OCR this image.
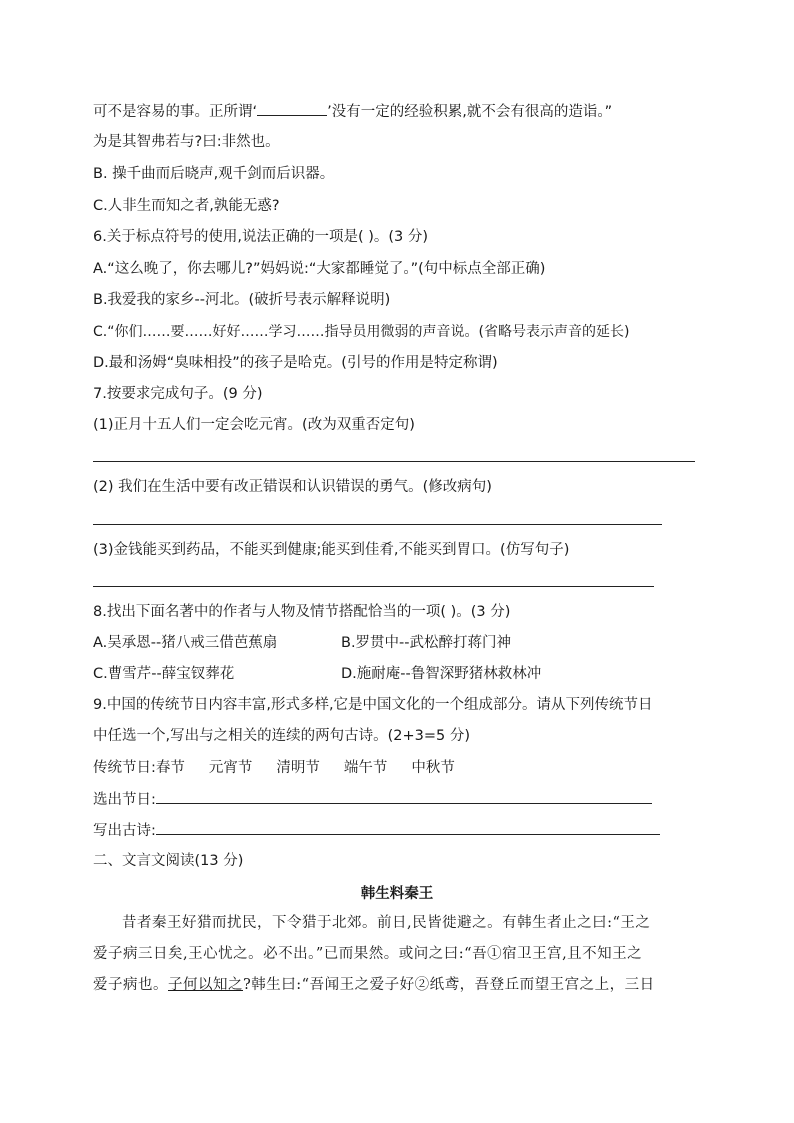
可不是容易的事。正所谓‘	’没有一定的经验积累,就不会有很高的造诣。”
为是其智弗若与?曰:非然也。
B. 操千曲而后晓声,观千剑而后识器。
C.人非生而知之者,孰能无惑?
6.关于标点符号的使用,说法正确的一项是( )。(3 分)
A.“这么晚了，你去哪儿?”妈妈说:“大家都睡觉了。”(句中标点全部正确)
B.我爱我的家乡--河北。(破折号表示解释说明)
C.“你们……要……好好……学习……指导员用微弱的声音说。(省略号表示声音的延长)
D.最和汤姆“臭味相投”的孩子是哈克。(引号的作用是特定称谓)
7.按要求完成句子。(9 分)
(1)正月十五人们一定会吃元宵。(改为双重否定句)
(2) 我们在生活中要有改正错误和认识错误的勇气。(修改病句)
(3)金钱能买到药品，不能买到健康;能买到佳肴,不能买到胃口。(仿写句子)
8.找出下面名著中的作者与人物及情节搭配恰当的一项( )。(3 分)
A.吴承恩--猪八戒三借芭蕉扇	B.罗贯中--武松醉打蒋门神
C.曹雪芹--薛宝钗葬花	D.施耐庵--鲁智深野猪林救林冲
9.中国的传统节日内容丰富,形式多样,它是中国文化的一个组成部分。请从下列传统节日
中任选一个,写出与之相关的连续的两句古诗。(2+3=5 分)
传统节日:春节 元宵节 清明节 端午节 中秋节
选出节日:
写出古诗:
二、文言文阅读(13 分)
韩生料秦王
昔者秦王好猎而扰民，下令猎于北郊。前日,民皆徙避之。有韩生者止之曰:“王之
爱子病三日矣,王心忧之。必不出。”已而果然。或问之曰:“吾①宿卫王宫,且不知王之
爱子病也。子何以知之?韩生曰:“吾闻王之爱子好②纸鸢，吾登丘而望王宫之上，三日
